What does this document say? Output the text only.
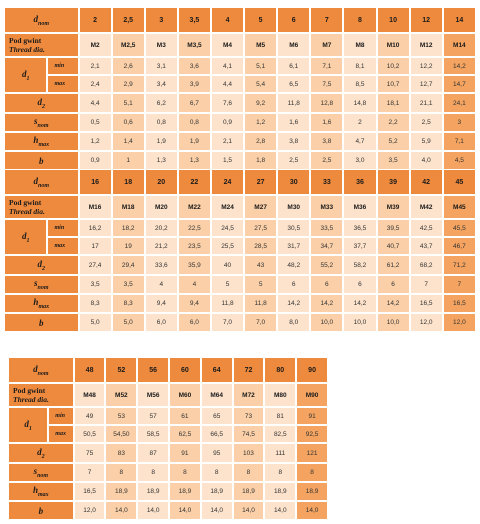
$d_{nom}$		2	2,5	3	3,5	4	5	6	7	8	10	12	14
Pod gwint
Thread dia.		M2	M2,5	M3	M3,5	M4	M5	M6	M7	M8	M10	M12	M14
$d_1$	min	2,1	2,6	3,1	3,6	4,1	5,1	6,1	7,1	8,1	10,2	12,2	14,2
	max	2,4	2,9	3,4	3,9	4,4	5,4	6,5	7,5	8,5	10,7	12,7	14,7
$d_2$		4,4	5,1	6,2	6,7	7,6	9,2	11,8	12,8	14,8	18,1	21,1	24,1
$s_{nom}$		0,5	0,6	0,8	0,8	0,9	1,2	1,6	1,6	2	2,2	2,5	3
$h_{max}$		1,2	1,4	1,9	1,9	2,1	2,8	3,8	3,8	4,7	5,2	5,9	7,1
b		0,9	1	1,3	1,3	1,5	1,8	2,5	2,5	3,0	3,5	4,0	4,5
$d_{nom}$		16	18	20	22	24	27	30	33	36	39	42	45
Pod gwint
Thread dia.		M16	M18	M20	M22	M24	M27	M30	M33	M36	M39	M42	M45
$d_1$	min	16,2	18,2	20,2	22,5	24,5	27,5	30,5	33,5	36,5	39,5	42,5	45,5
	max	17	19	21,2	23,5	25,5	28,5	31,7	34,7	37,7	40,7	43,7	46,7
$d_2$		27,4	29,4	33,6	35,9	40	43	48,2	55,2	58,2	61,2	68,2	71,2
$s_{nom}$		3,5	3,5	4	4	5	5	6	6	6	6	7	7
$h_{max}$		8,3	8,3	9,4	9,4	11,8	11,8	14,2	14,2	14,2	14,2	16,5	16,5
b		5,0	5,0	6,0	6,0	7,0	7,0	8,0	10,0	10,0	10,0	12,0	12,0
$d_{nom}$		48	52	56	60	64	72	80	90
Pod gwint
Thread dia.		M48	M52	M56	M60	M64	M72	M80	M90
$d_1$	min	49	53	57	61	65	73	81	91
	max	50,5	54,50	58,5	62,5	66,5	74,5	82,5	92,5
$d_2$		75	83	87	91	95	103	111	121
$s_{nom}$		7	8	8	8	8	8	8	8
$h_{max}$		16,5	18,9	18,9	18,9	18,9	18,9	18,9	18,9
b		12,0	14,0	14,0	14,0	14,0	14,0	14,0	14,0
